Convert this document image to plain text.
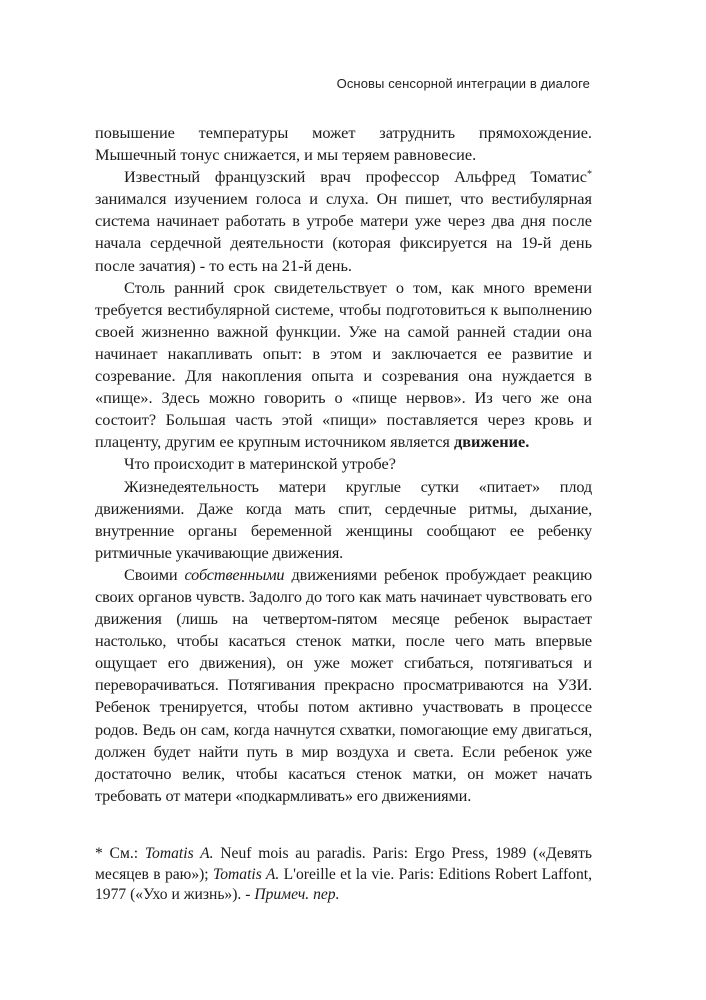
Основы сенсорной интеграции в диалоге

повышение температуры может затруднить прямохождение. Мышечный тонус снижается, и мы теряем равновесие.

Известный французский врач профессор Альфред Томатис* занимался изучением голоса и слуха. Он пишет, что вестибулярная система начинает работать в утробе матери уже через два дня после начала сердечной деятельности (которая фиксируется на 19-й день после зачатия) - то есть на 21-й день.

Столь ранний срок свидетельствует о том, как много времени требуется вестибулярной системе, чтобы подготовиться к выполнению своей жизненно важной функции. Уже на самой ранней стадии она начинает накапливать опыт: в этом и заключается ее развитие и созревание. Для накопления опыта и созревания она нуждается в «пище». Здесь можно говорить о «пище нервов». Из чего же она состоит? Большая часть этой «пищи» поставляется через кровь и плаценту, другим ее крупным источником является движение.

Что происходит в материнской утробе?

Жизнедеятельность матери круглые сутки «питает» плод движениями. Даже когда мать спит, сердечные ритмы, дыхание, внутренние органы беременной женщины сообщают ее ребенку ритмичные укачивающие движения.

Своими собственными движениями ребенок пробуждает реакцию своих органов чувств. Задолго до того как мать начинает чувствовать его движения (лишь на четвертом-пятом месяце ребенок вырастает настолько, чтобы касаться стенок матки, после чего мать впервые ощущает его движения), он уже может сгибаться, потягиваться и переворачиваться. Потягивания прекрасно просматриваются на УЗИ. Ребенок тренируется, чтобы потом активно участвовать в процессе родов. Ведь он сам, когда начнутся схватки, помогающие ему двигаться, должен будет найти путь в мир воздуха и света. Если ребенок уже достаточно велик, чтобы касаться стенок матки, он может начать требовать от матери «подкармливать» его движениями.

* См.: Tomatis A. Neuf mois au paradis. Paris: Ergo Press, 1989 («Девять месяцев в раю»); Tomatis A. L'oreille et la vie. Paris: Editions Robert Laffont, 1977 («Ухо и жизнь»). - Примеч. пер.
